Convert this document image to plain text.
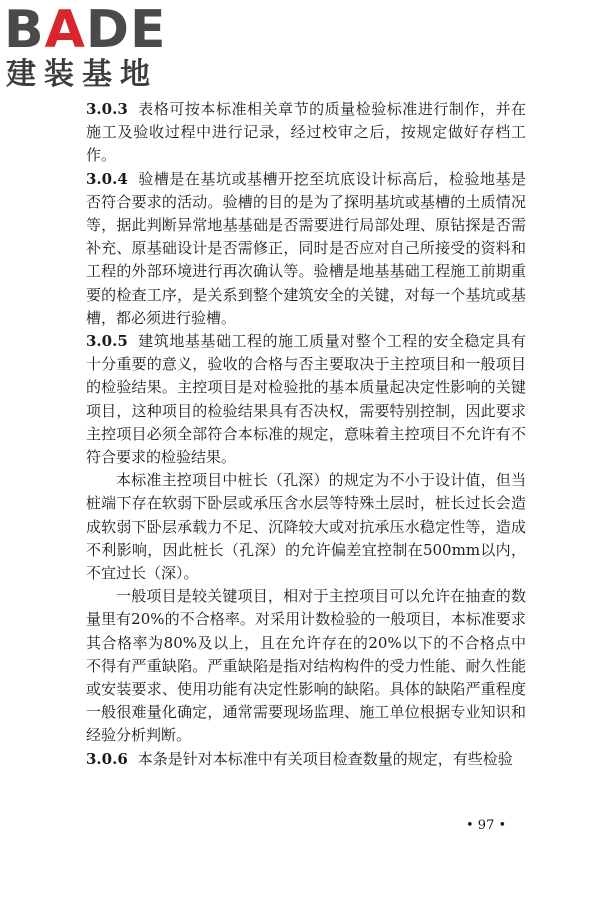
BADE
建装基地

3.0.3 表格可按本标准相关章节的质量检验标准进行制作，并在施工及验收过程中进行记录，经过校审之后，按规定做好存档工作。

3.0.4 验槽是在基坑或基槽开挖至坑底设计标高后，检验地基是否符合要求的活动。验槽的目的是为了探明基坑或基槽的土质情况等，据此判断异常地基基础是否需要进行局部处理、原钻探是否需补充、原基础设计是否需修正，同时是否应对自己所接受的资料和工程的外部环境进行再次确认等。验槽是地基基础工程施工前期重要的检查工序，是关系到整个建筑安全的关键，对每一个基坑或基槽，都必须进行验槽。

3.0.5 建筑地基基础工程的施工质量对整个工程的安全稳定具有十分重要的意义，验收的合格与否主要取决于主控项目和一般项目的检验结果。主控项目是对检验批的基本质量起决定性影响的关键项目，这种项目的检验结果具有否决权，需要特别控制，因此要求主控项目必须全部符合本标准的规定，意味着主控项目不允许有不符合要求的检验结果。

本标准主控项目中桩长（孔深）的规定为不小于设计值，但当桩端下存在软弱下卧层或承压含水层等特殊土层时，桩长过长会造成软弱下卧层承载力不足、沉降较大或对抗承压水稳定性等，造成不利影响，因此桩长（孔深）的允许偏差宜控制在500mm以内，不宜过长（深）。

一般项目是较关键项目，相对于主控项目可以允许在抽查的数量里有20%的不合格率。对采用计数检验的一般项目，本标准要求其合格率为80%及以上，且在允许存在的20%以下的不合格点中不得有严重缺陷。严重缺陷是指对结构构件的受力性能、耐久性能或安装要求、使用功能有决定性影响的缺陷。具体的缺陷严重程度一般很难量化确定，通常需要现场监理、施工单位根据专业知识和经验分析判断。

3.0.6 本条是针对本标准中有关项目检查数量的规定，有些检验

• 97 •
